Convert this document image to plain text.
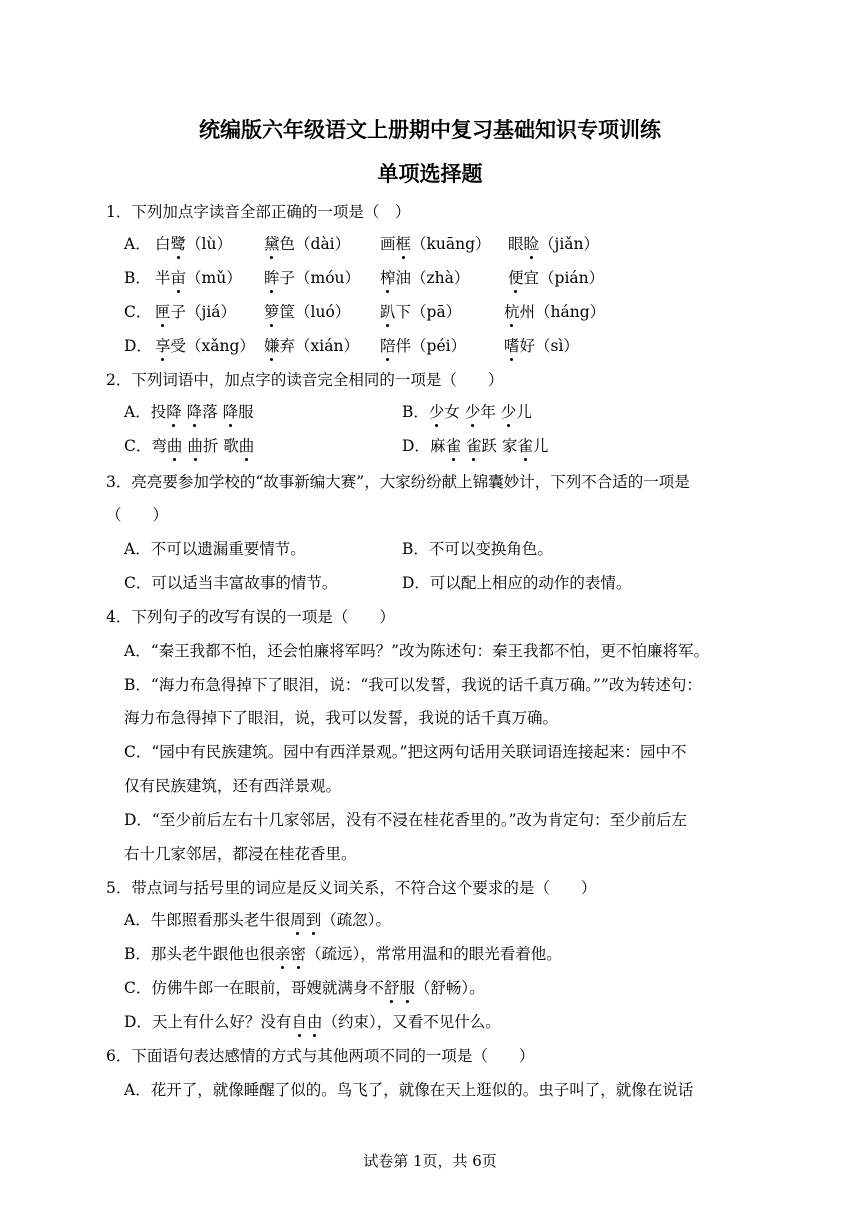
统编版六年级语文上册期中复习基础知识专项训练
单项选择题
1．下列加点字读音全部正确的一项是（　）
A． 白鹭（lù） 黛色（dài） 画框（kuāng） 眼睑（jiǎn）
B． 半亩（mǔ） 眸子（móu） 榨油（zhà） 便宜（pián）
C． 匣子（jiá） 箩筐（luó） 趴下（pā）	杭州（háng）
D． 享受（xǎng） 嫌弃（xián） 陪伴（péi） 嗜好（sì）
2．下列词语中，加点字的读音完全相同的一项是（　　）
A．投降 降落 降服	B．少女 少年 少儿
C．弯曲 曲折 歌曲	D．麻雀 雀跃 家雀儿
3．亮亮要参加学校的“故事新编大赛”，大家纷纷献上锦囊妙计，下列不合适的一项是
（　　）
A．不可以遗漏重要情节。	B．不可以变换角色。
C．可以适当丰富故事的情节。	D．可以配上相应的动作的表情。
4．下列句子的改写有误的一项是（　　）
A．“秦王我都不怕，还会怕廉将军吗？”改为陈述句：秦王我都不怕，更不怕廉将军。
B．“海力布急得掉下了眼泪，说：“我可以发誓，我说的话千真万确。””改为转述句：
海力布急得掉下了眼泪，说，我可以发誓，我说的话千真万确。
C．“园中有民族建筑。园中有西洋景观。”把这两句话用关联词语连接起来：园中不
仅有民族建筑，还有西洋景观。
D．“至少前后左右十几家邻居，没有不浸在桂花香里的。”改为肯定句：至少前后左
右十几家邻居，都浸在桂花香里。
5．带点词与括号里的词应是反义词关系，不符合这个要求的是（　　）
A．牛郎照看那头老牛很周到（疏忽）。
B．那头老牛跟他也很亲密（疏远），常常用温和的眼光看着他。
C．仿佛牛郎一在眼前，哥嫂就满身不舒服（舒畅）。
D．天上有什么好？没有自由（约束），又看不见什么。
6．下面语句表达感情的方式与其他两项不同的一项是（　　）
A．花开了，就像睡醒了似的。鸟飞了，就像在天上逛似的。虫子叫了，就像在说话
试卷第 1页，共 6页
